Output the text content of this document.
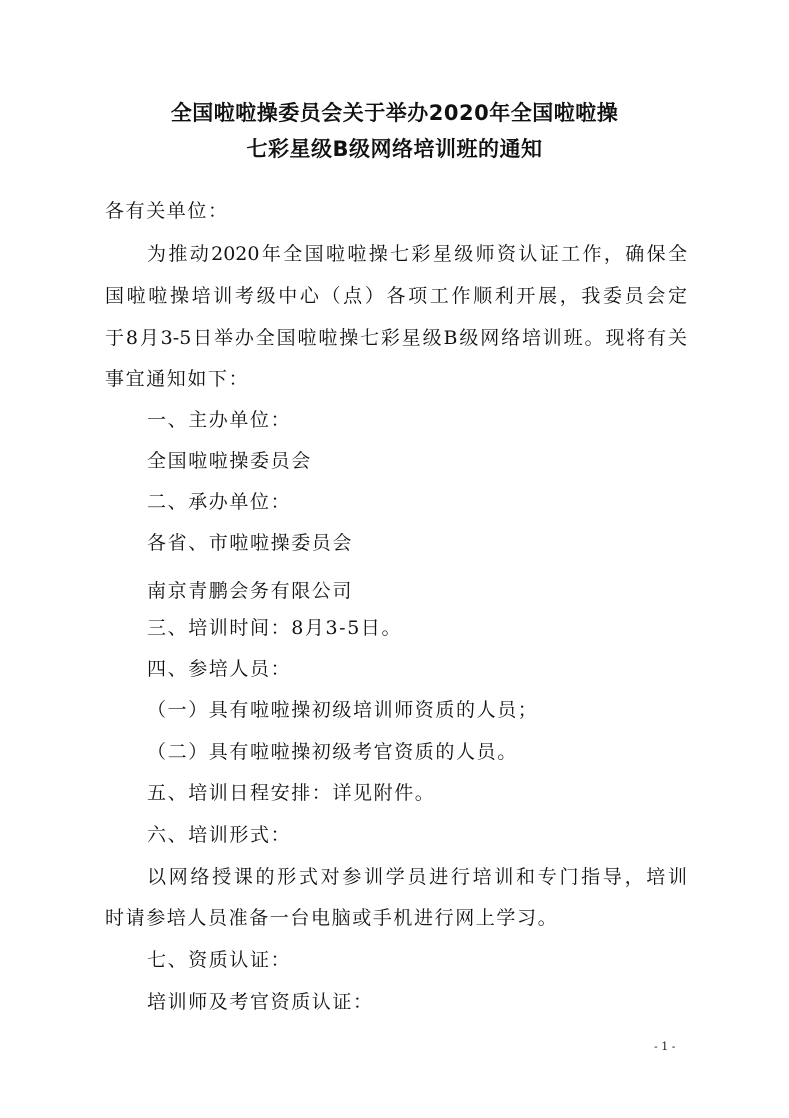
全国啦啦操委员会关于举办2020年全国啦啦操
七彩星级B级网络培训班的通知
各有关单位：
为推动2020年全国啦啦操七彩星级师资认证工作，确保全
国啦啦操培训考级中心（点）各项工作顺利开展，我委员会定
于8月3-5日举办全国啦啦操七彩星级B级网络培训班。现将有关
事宜通知如下：
一、主办单位：
全国啦啦操委员会
二、承办单位：
各省、市啦啦操委员会
南京青鹏会务有限公司
三、培训时间：8月3-5日。
四、参培人员：
（一）具有啦啦操初级培训师资质的人员；
（二）具有啦啦操初级考官资质的人员。
五、培训日程安排：详见附件。
六、培训形式：
以网络授课的形式对参训学员进行培训和专门指导，培训
时请参培人员准备一台电脑或手机进行网上学习。
七、资质认证：
培训师及考官资质认证：
- 1 -
